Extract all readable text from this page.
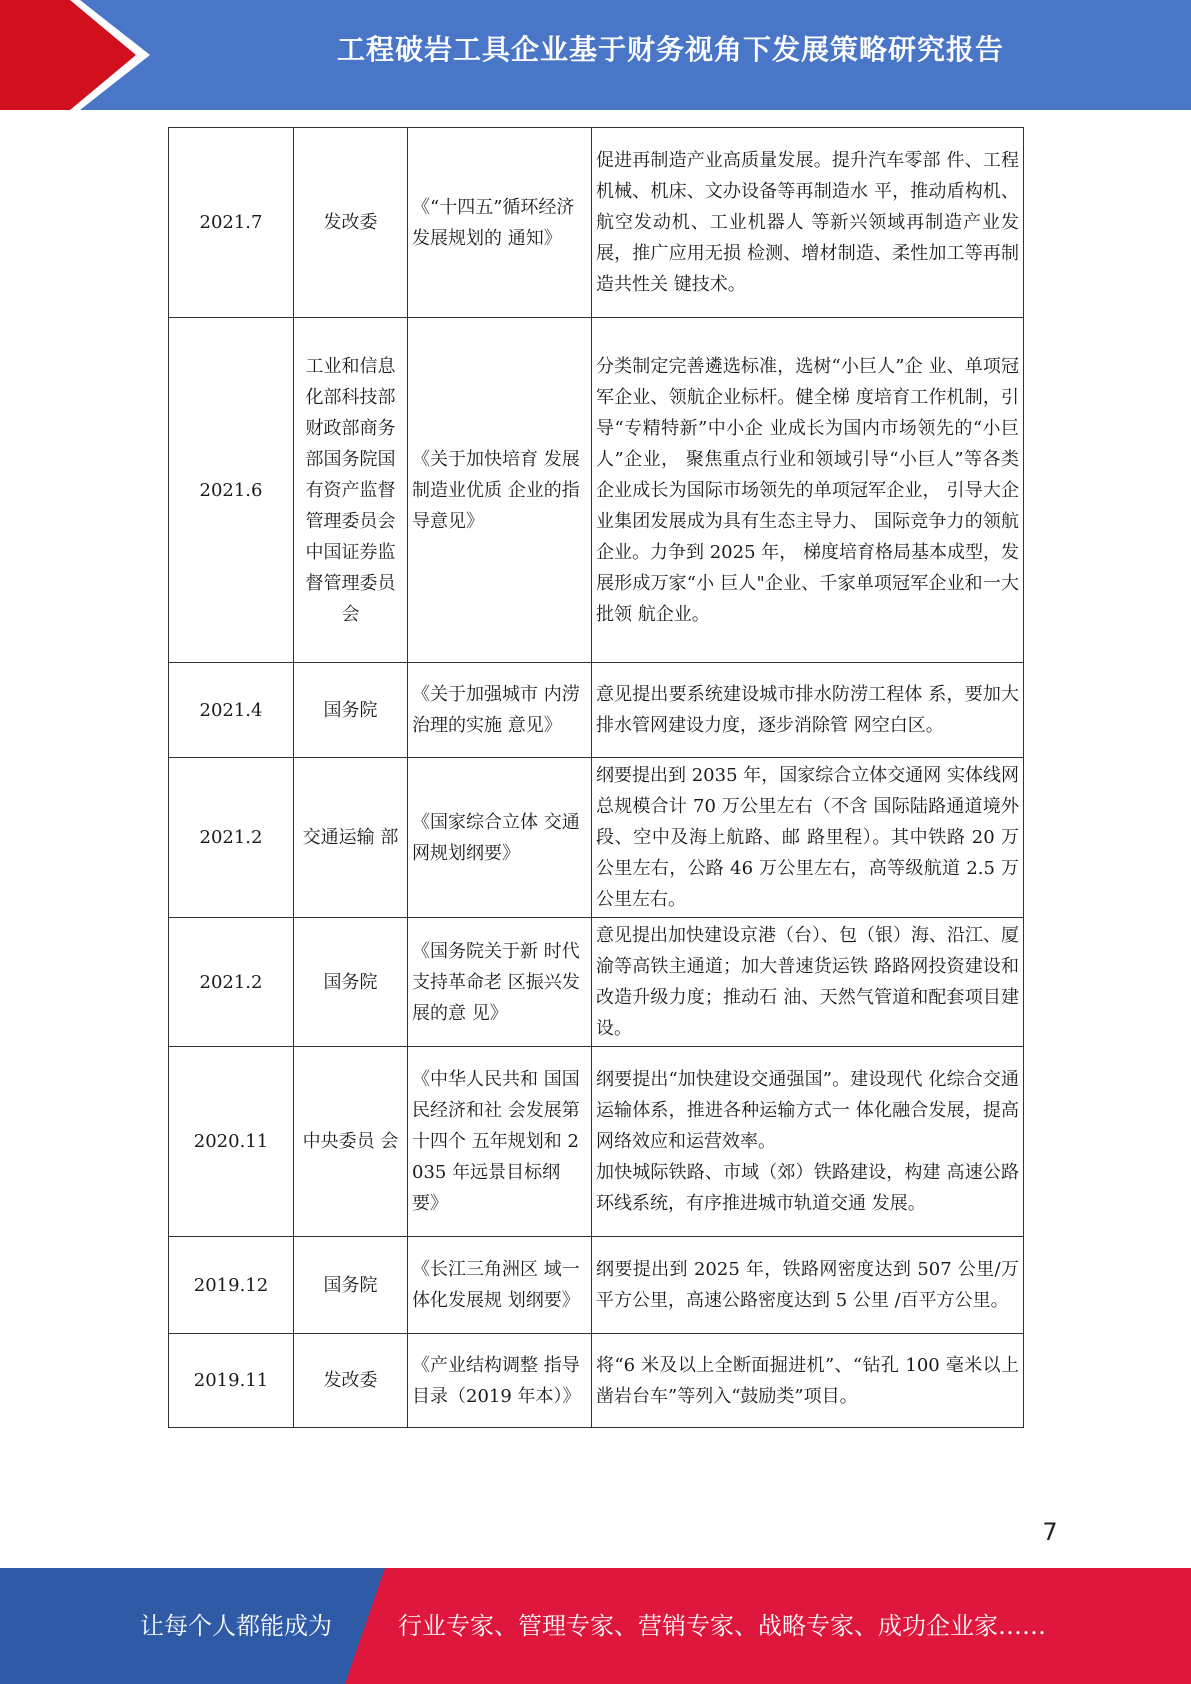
工程破岩工具企业基于财务视角下发展策略研究报告
2021.7	发改委	《“十四五”循环经济发展规划的 通知》	促进再制造产业高质量发展。提升汽车零部 件、工程机械、机床、文办设备等再制造水 平，推动盾构机、航空发动机、工业机器人 等新兴领域再制造产业发展，推广应用无损 检测、增材制造、柔性加工等再制造共性关 键技术。
2021.6	工业和信息化部科技部财政部商务部国务院国有资产监督管理委员会中国证券监督管理委员会	《关于加快培育 发展制造业优质 企业的指导意见》	分类制定完善遴选标准，选树“小巨人”企 业、单项冠军企业、领航企业标杆。健全梯 度培育工作机制，引导“专精特新”中小企 业成长为国内市场领先的“小巨人”企业， 聚焦重点行业和领域引导“小巨人”等各类 企业成长为国际市场领先的单项冠军企业， 引导大企业集团发展成为具有生态主导力、 国际竞争力的领航企业。力争到 2025 年， 梯度培育格局基本成型，发展形成万家“小 巨人"企业、千家单项冠军企业和一大批领 航企业。
2021.4	国务院	《关于加强城市 内涝治理的实施 意见》	意见提出要系统建设城市排水防涝工程体 系，要加大排水管网建设力度，逐步消除管 网空白区。
2021.2	交通运输 部	《国家综合立体 交通网规划纲要》	纲要提出到 2035 年，国家综合立体交通网 实体线网总规模合计 70 万公里左右（不含 国际陆路通道境外段、空中及海上航路、邮 路里程）。其中铁路 20 万公里左右，公路 46 万公里左右，高等级航道 2.5 万公里左右。
2021.2	国务院	《国务院关于新 时代支持革命老 区振兴发展的意 见》	意见提出加快建设京港（台）、包（银）海、沿江、厦渝等高铁主通道；加大普速货运铁 路路网投资建设和改造升级力度；推动石 油、天然气管道和配套项目建设。
2020.11	中央委员 会	《中华人民共和 国国民经济和社 会发展第十四个 五年规划和 2035 年远景目标纲要》	纲要提出“加快建设交通强国”。建设现代 化综合交通运输体系，推进各种运输方式一 体化融合发展，提高网络效应和运营效率。
加快城际铁路、市域（郊）铁路建设，构建 高速公路环线系统，有序推进城市轨道交通 发展。
2019.12	国务院	《长江三角洲区 域一体化发展规 划纲要》	纲要提出到 2025 年，铁路网密度达到 507 公里/万平方公里，高速公路密度达到 5 公里 /百平方公里。
2019.11	发改委	《产业结构调整 指导目录（2019 年本）》	将“6 米及以上全断面掘进机”、“钻孔 100 毫米以上凿岩台车”等列入“鼓励类”项目。
7
让每个人都能成为	行业专家、管理专家、营销专家、战略专家、成功企业家……
